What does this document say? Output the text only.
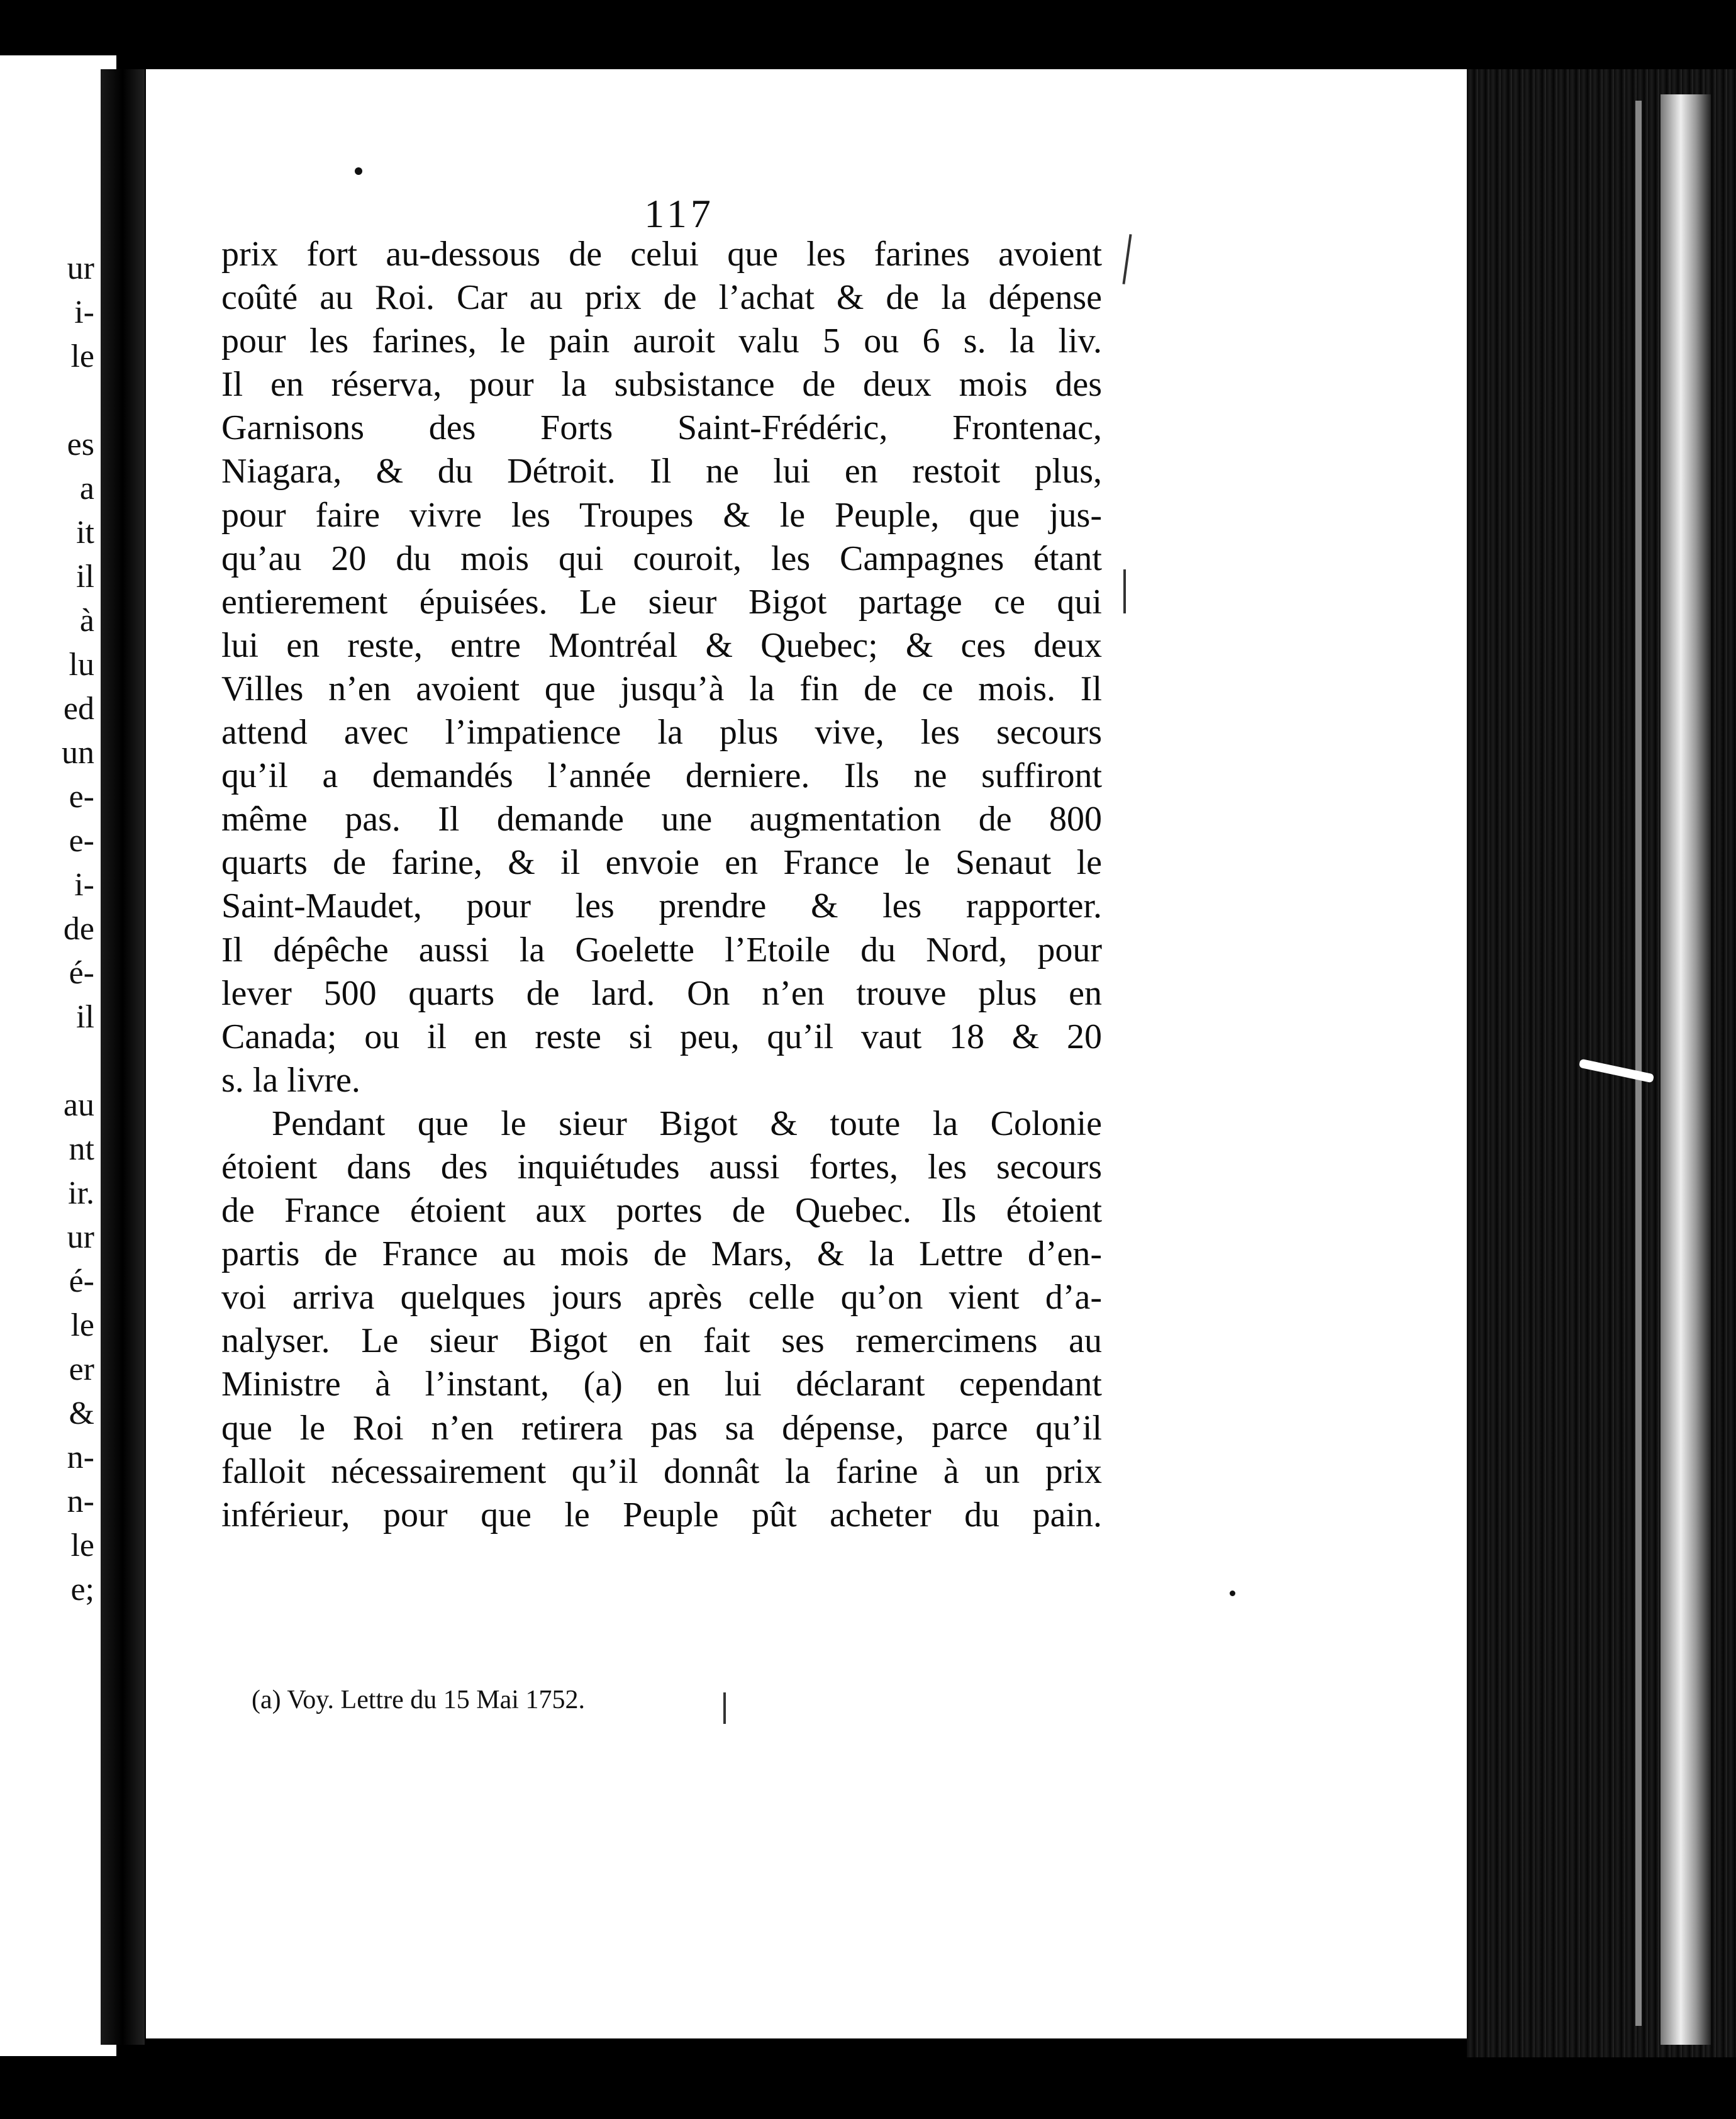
ur
i-
le
es
a
it
il
à
lu
ed
un
e-
e-
i-
de
é-
il
au
nt
ir.
ur
é-
le
er
&
n-
n-
le
e;
117
prix fort au-dessous de celui que les farines avoient
coûté au Roi. Car au prix de l’achat & de la dépense
pour les farines, le pain auroit valu 5 ou 6 s. la liv.
Il en réserva, pour la subsistance de deux mois des
Garnisons des Forts Saint-Frédéric, Frontenac,
Niagara, & du Détroit. Il ne lui en restoit plus,
pour faire vivre les Troupes & le Peuple, que jus-
qu’au 20 du mois qui couroit, les Campagnes étant
entierement épuisées. Le sieur Bigot partage ce qui
lui en reste, entre Montréal & Quebec; & ces deux
Villes n’en avoient que jusqu’à la fin de ce mois. Il
attend avec l’impatience la plus vive, les secours
qu’il a demandés l’année derniere. Ils ne suffiront
même pas. Il demande une augmentation de 800
quarts de farine, & il envoie en France le Senaut le
Saint-Maudet, pour les prendre & les rapporter.
Il dépêche aussi la Goelette l’Etoile du Nord, pour
lever 500 quarts de lard. On n’en trouve plus en
Canada; ou il en reste si peu, qu’il vaut 18 & 20
s. la livre.
Pendant que le sieur Bigot & toute la Colonie
étoient dans des inquiétudes aussi fortes, les secours
de France étoient aux portes de Quebec. Ils étoient
partis de France au mois de Mars, & la Lettre d’en-
voi arriva quelques jours après celle qu’on vient d’a-
nalyser. Le sieur Bigot en fait ses remercimens au
Ministre à l’instant, (a) en lui déclarant cependant
que le Roi n’en retirera pas sa dépense, parce qu’il
falloit nécessairement qu’il donnât la farine à un prix
inférieur, pour que le Peuple pût acheter du pain.
(a) Voy. Lettre du 15 Mai 1752.
